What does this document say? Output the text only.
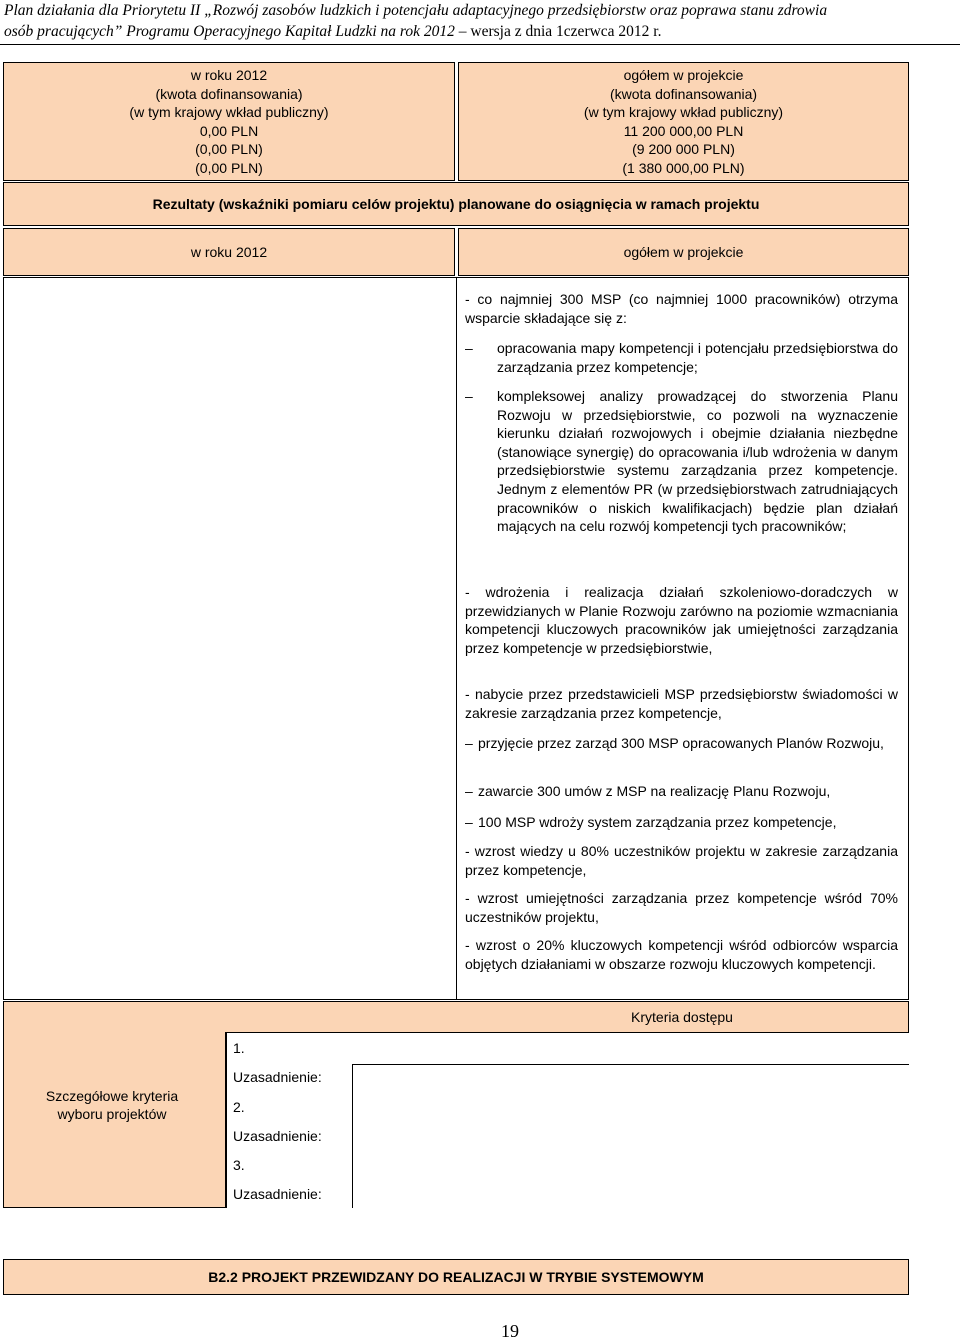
Plan działania dla Priorytetu II „Rozwój zasobów ludzkich i potencjału adaptacyjnego przedsiębiorstw oraz poprawa stanu zdrowia
osób pracujących” Programu Operacyjnego Kapitał Ludzki na rok 2012 – wersja z dnia 1czerwca 2012 r.
w roku 2012
(kwota dofinansowania)
(w tym krajowy wkład publiczny)
0,00 PLN
(0,00 PLN)
(0,00 PLN)
ogółem w projekcie
(kwota dofinansowania)
(w tym krajowy wkład publiczny)
11 200 000,00 PLN
(9 200 000 PLN)
(1 380 000,00 PLN)
Rezultaty (wskaźniki pomiaru celów projektu) planowane do osiągnięcia w ramach projektu
w roku 2012	ogółem w projekcie
- co najmniej 300 MSP (co najmniej 1000 pracowników) otrzyma wsparcie składające się z:
– opracowania mapy kompetencji i potencjału przedsiębiorstwa do zarządzania przez kompetencje;
– kompleksowej analizy prowadzącej do stworzenia Planu Rozwoju w przedsiębiorstwie, co pozwoli na wyznaczenie kierunku działań rozwojowych i obejmie działania niezbędne (stanowiące synergię) do opracowania i/lub wdrożenia w danym przedsiębiorstwie systemu zarządzania przez kompetencje. Jednym z elementów PR (w przedsiębiorstwach zatrudniających pracowników o niskich kwalifikacjach) będzie plan działań mających na celu rozwój kompetencji tych pracowników;
- wdrożenia i realizacja działań szkoleniowo-doradczych w przewidzianych w Planie Rozwoju zarówno na poziomie wzmacniania kompetencji kluczowych pracowników jak umiejętności zarządzania przez kompetencje w przedsiębiorstwie,
- nabycie przez przedstawicieli MSP przedsiębiorstw świadomości w zakresie zarządzania przez kompetencje,
– przyjęcie przez zarząd 300 MSP opracowanych Planów Rozwoju,
– zawarcie 300 umów z MSP na realizację Planu Rozwoju,
– 100 MSP wdroży system zarządzania przez kompetencje,
- wzrost wiedzy u 80% uczestników projektu w zakresie zarządzania przez kompetencje,
- wzrost umiejętności zarządzania przez kompetencje wśród 70% uczestników projektu,
- wzrost o 20% kluczowych kompetencji wśród odbiorców wsparcia objętych działaniami w obszarze rozwoju kluczowych kompetencji.
Szczegółowe kryteria wyboru projektów
Kryteria dostępu
1.
Uzasadnienie:
2.
Uzasadnienie:
3.
Uzasadnienie:
B2.2 PROJEKT PRZEWIDZANY DO REALIZACJI W TRYBIE SYSTEMOWYM
19
